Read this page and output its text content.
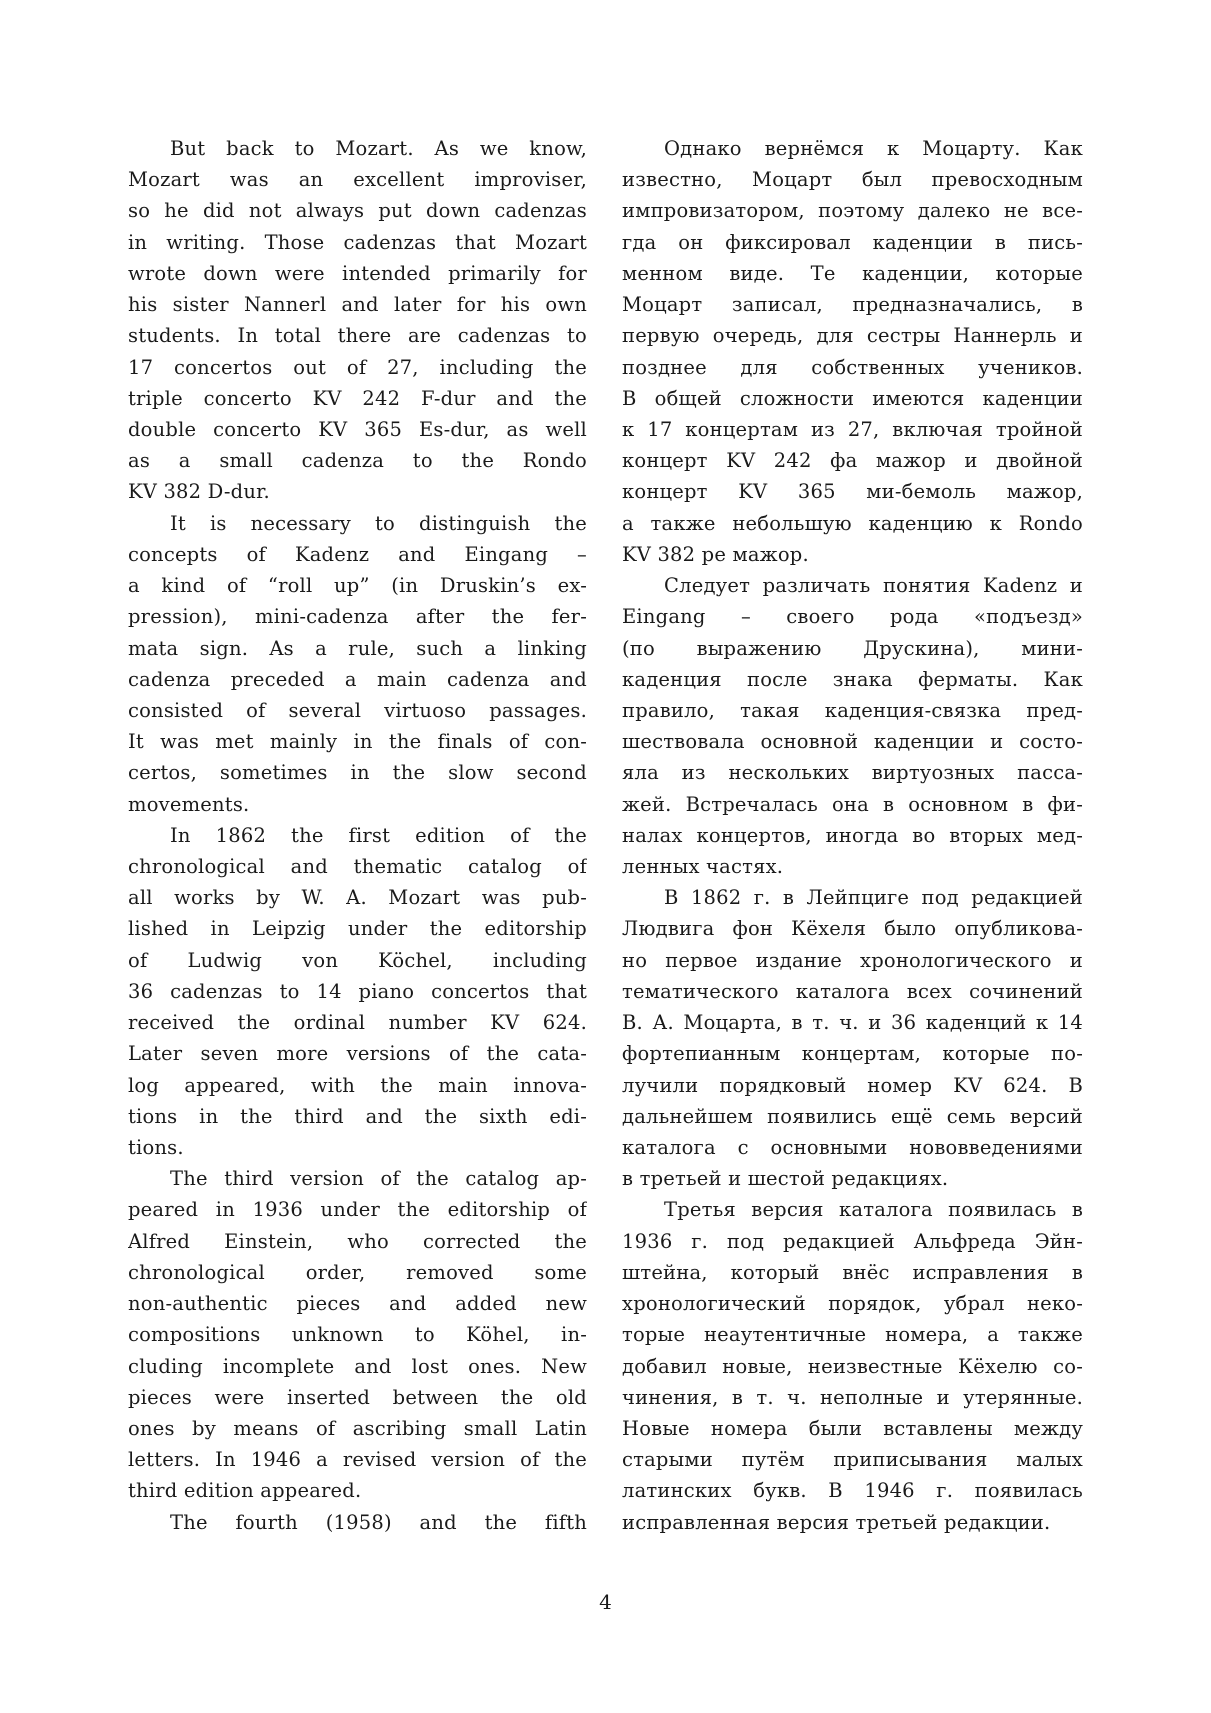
But back to Mozart. As we know,
Mozart was an excellent improviser,
so he did not always put down cadenzas
in writing. Those cadenzas that Mozart
wrote down were intended primarily for
his sister Nannerl and later for his own
students. In total there are cadenzas to
17 concertos out of 27, including the
triple concerto KV 242 F-dur and the
double concerto KV 365 Es-dur, as well
as a small cadenza to the Rondo
KV 382 D-dur.
It is necessary to distinguish the
concepts of Kadenz and Eingang –
a kind of “roll up” (in Druskin’s ex-
pression), mini-cadenza after the fer-
mata sign. As a rule, such a linking
cadenza preceded a main cadenza and
consisted of several virtuoso passages.
It was met mainly in the finals of con-
certos, sometimes in the slow second
movements.
In 1862 the first edition of the
chronological and thematic catalog of
all works by W. A. Mozart was pub-
lished in Leipzig under the editorship
of Ludwig von Köchel, including
36 cadenzas to 14 piano concertos that
received the ordinal number KV 624.
Later seven more versions of the cata-
log appeared, with the main innova-
tions in the third and the sixth edi-
tions.
The third version of the catalog ap-
peared in 1936 under the editorship of
Alfred Einstein, who corrected the
chronological order, removed some
non-authentic pieces and added new
compositions unknown to Köhel, in-
cluding incomplete and lost ones. New
pieces were inserted between the old
ones by means of ascribing small Latin
letters. In 1946 a revised version of the
third edition appeared.
The fourth (1958) and the fifth
Однако вернёмся к Моцарту. Как
известно, Моцарт был превосходным
импровизатором, поэтому далеко не все-
гда он фиксировал каденции в пись-
менном виде. Те каденции, которые
Моцарт записал, предназначались, в
первую очередь, для сестры Наннерль и
позднее для собственных учеников.
В общей сложности имеются каденции
к 17 концертам из 27, включая тройной
концерт KV 242 фа мажор и двойной
концерт KV 365 ми-бемоль мажор,
а также небольшую каденцию к Rondo
KV 382 ре мажор.
Следует различать понятия Kadenz и
Eingang – своего рода «подъезд»
(по выражению Друскина), мини-
каденция после знака ферматы. Как
правило, такая каденция-связка пред-
шествовала основной каденции и состо-
яла из нескольких виртуозных пасса-
жей. Встречалась она в основном в фи-
налах концертов, иногда во вторых мед-
ленных частях.
В 1862 г. в Лейпциге под редакцией
Людвига фон Кёхеля было опубликова-
но первое издание хронологического и
тематического каталога всех сочинений
В. А. Моцарта, в т. ч. и 36 каденций к 14
фортепианным концертам, которые по-
лучили порядковый номер KV 624. В
дальнейшем появились ещё семь версий
каталога с основными нововведениями
в третьей и шестой редакциях.
Третья версия каталога появилась в
1936 г. под редакцией Альфреда Эйн-
штейна, который внёс исправления в
хронологический порядок, убрал неко-
торые неаутентичные номера, а также
добавил новые, неизвестные Кёхелю со-
чинения, в т. ч. неполные и утерянные.
Новые номера были вставлены между
старыми путём приписывания малых
латинских букв. В 1946 г. появилась
исправленная версия третьей редакции.
4
